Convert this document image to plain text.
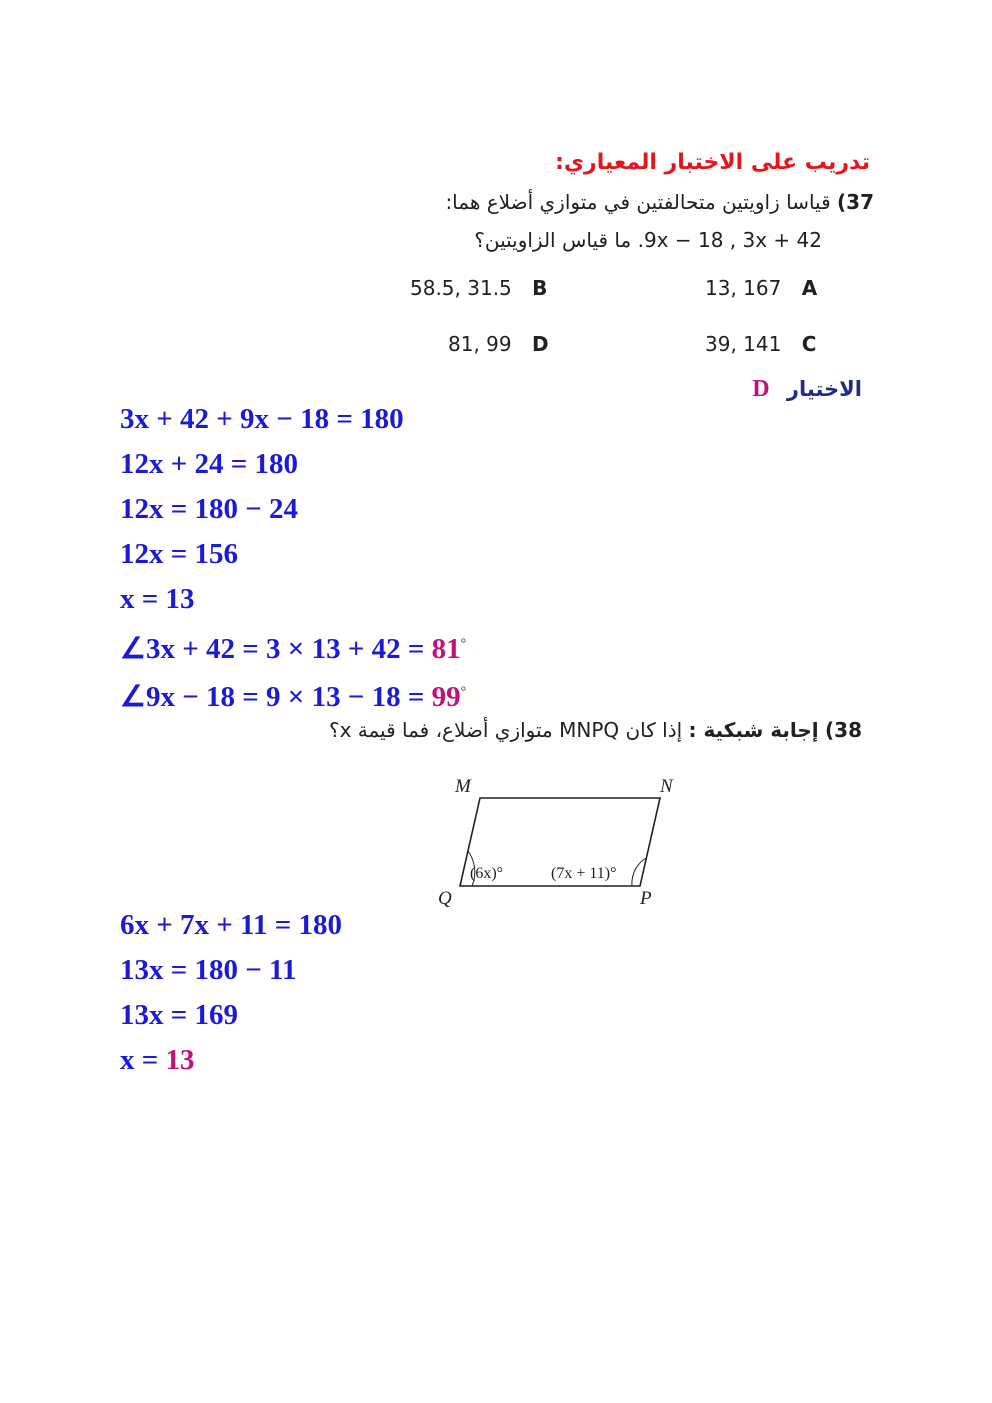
تدريب على الاختبار المعياري:
37) قياسا زاويتين متحالفتين في متوازي أضلاع هما:
9x − 18 , 3x + 42. ما قياس الزاويتين؟
13, 167 A
58.5, 31.5 B
39, 141 C
81, 99 D
الاختيار D
3x + 42 + 9x − 18 = 180
12x + 24 = 180
12x = 180 − 24
12x = 156
x = 13
∠3x + 42 = 3 × 13 + 42 = 81°
∠9x − 18 = 9 × 13 − 18 = 99°
38) إجابة شبكية : إذا كان MNPQ متوازي أضلاع، فما قيمة x؟
M	N
Q	P
(6x)°	(7x + 11)°
6x + 7x + 11 = 180
13x = 180 − 11
13x = 169
x = 13
